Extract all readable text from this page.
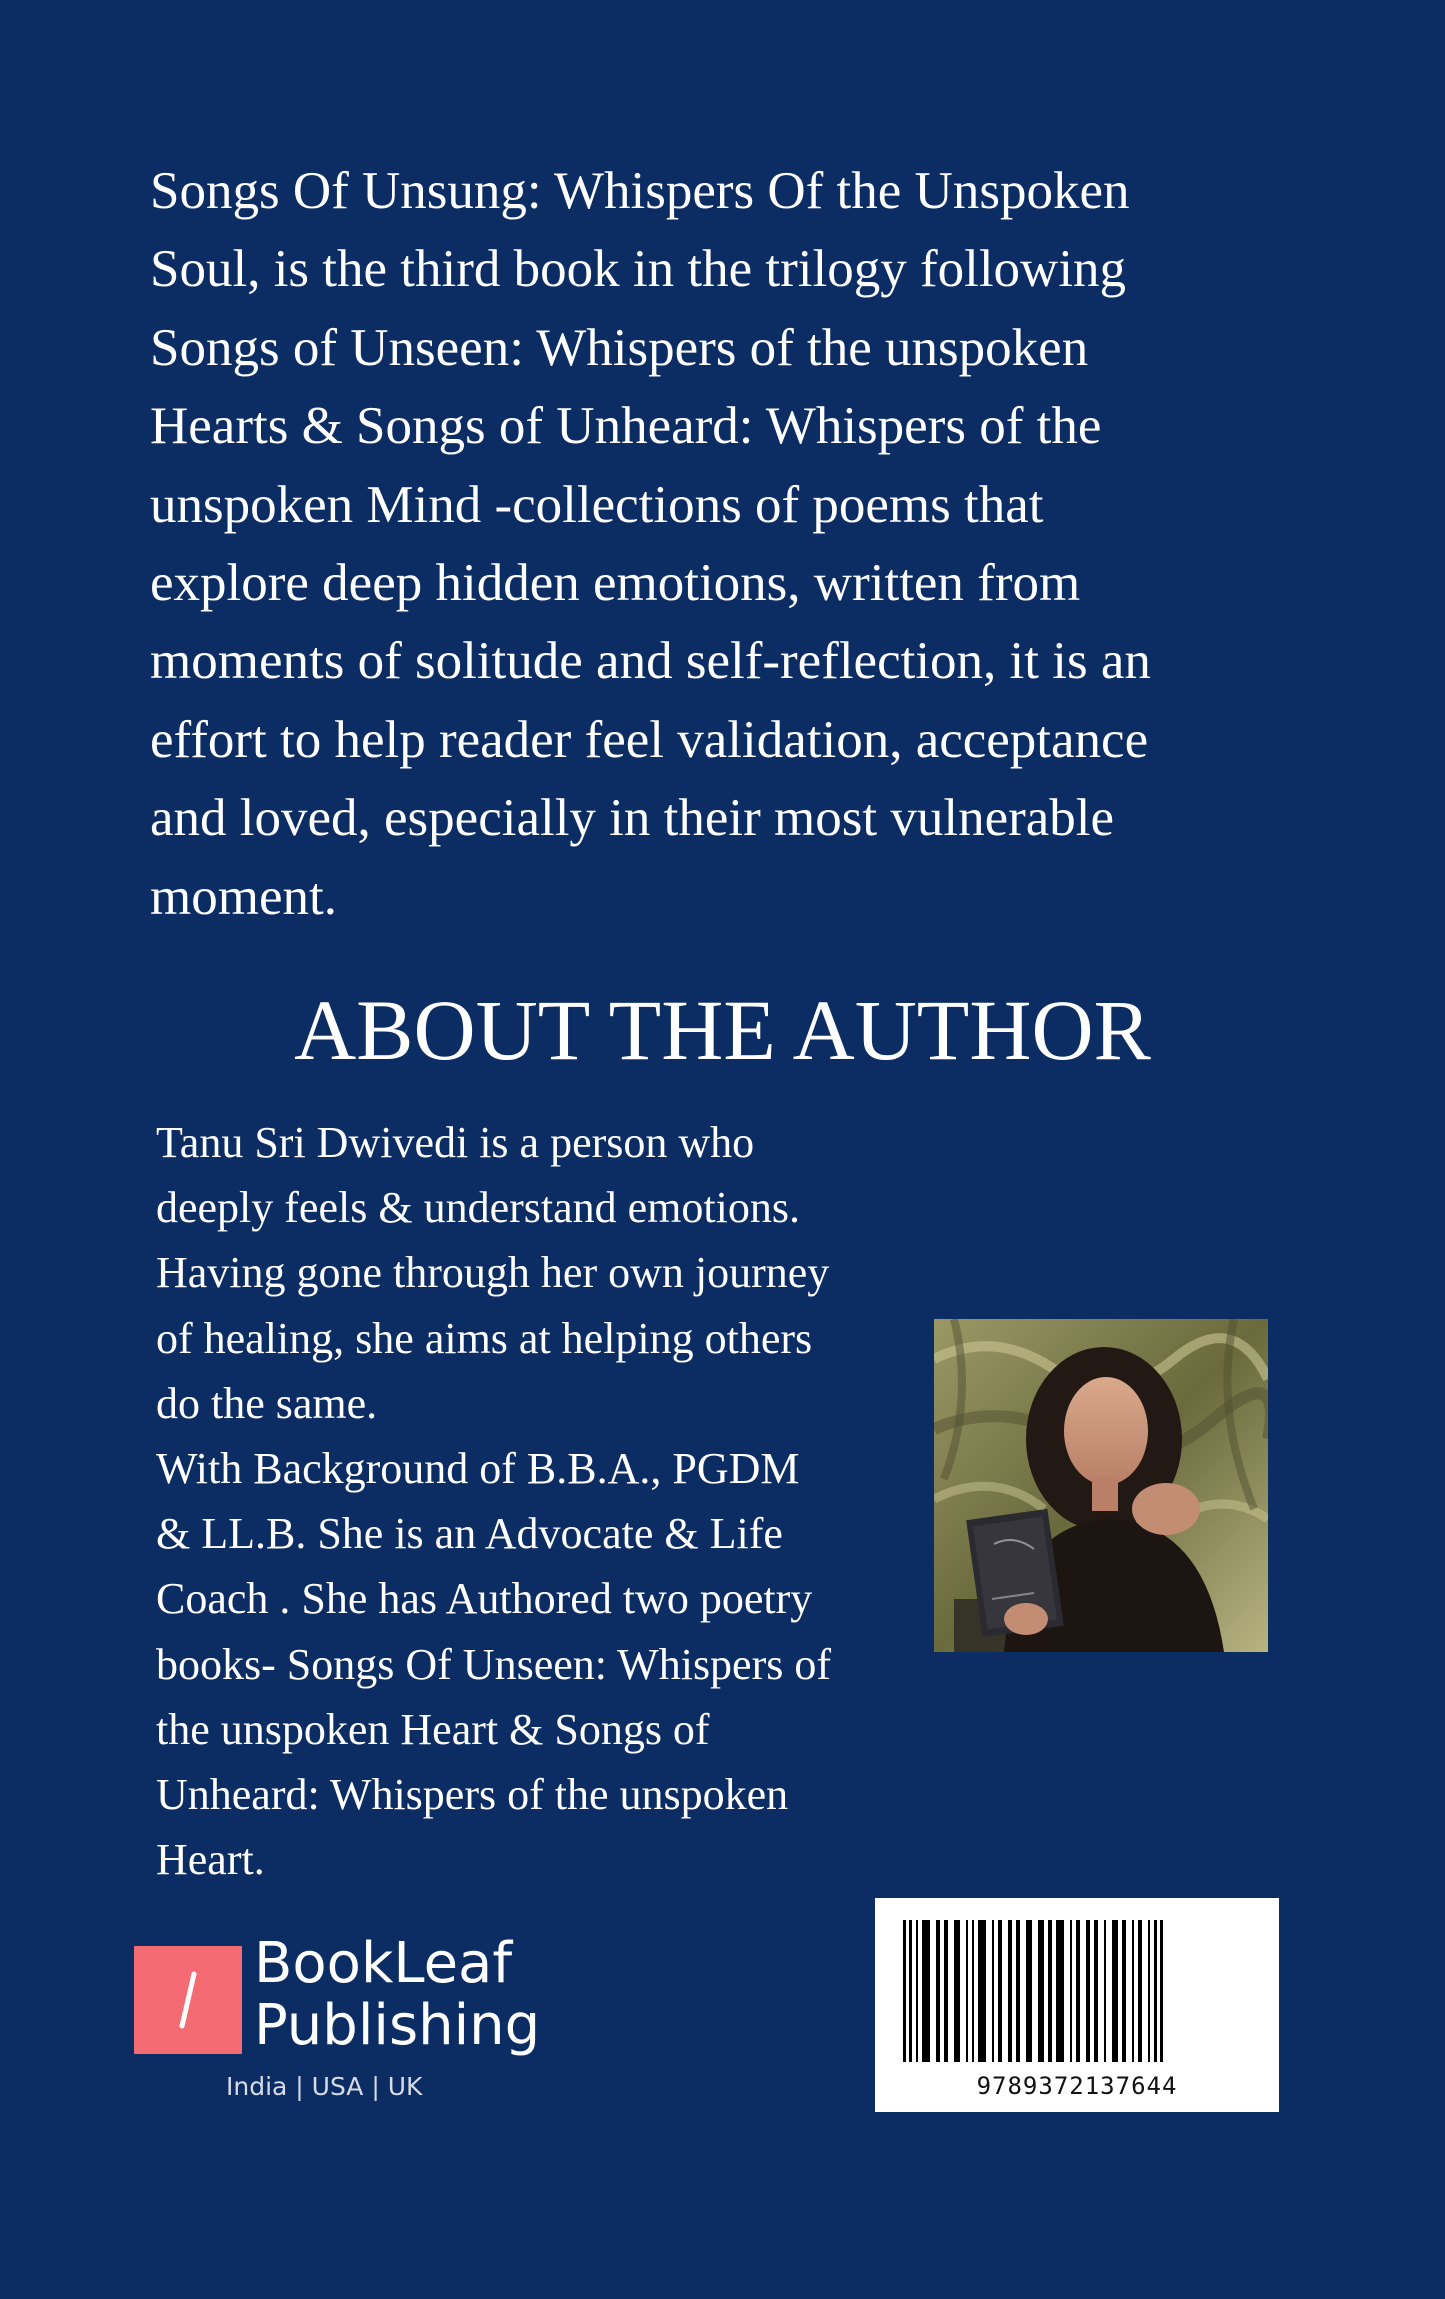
Songs Of Unsung: Whispers Of the Unspoken
Soul, is the third book in the trilogy following
Songs of Unseen: Whispers of the unspoken
Hearts & Songs of Unheard: Whispers of the
unspoken Mind -collections of poems that
explore deep hidden emotions, written from
moments of solitude and self-reflection, it is an
effort to help reader feel validation, acceptance
and loved, especially in their most vulnerable
moment.
ABOUT THE AUTHOR
Tanu Sri Dwivedi is a person who
deeply feels & understand emotions.
Having gone through her own journey
of healing, she aims at helping others
do the same.
With Background of B.B.A., PGDM
& LL.B. She is an Advocate & Life
Coach . She has Authored two poetry
books- Songs Of Unseen: Whispers of
the unspoken Heart & Songs of
Unheard: Whispers of the unspoken
Heart.
BookLeaf
Publishing
India | USA | UK	9789372137644
